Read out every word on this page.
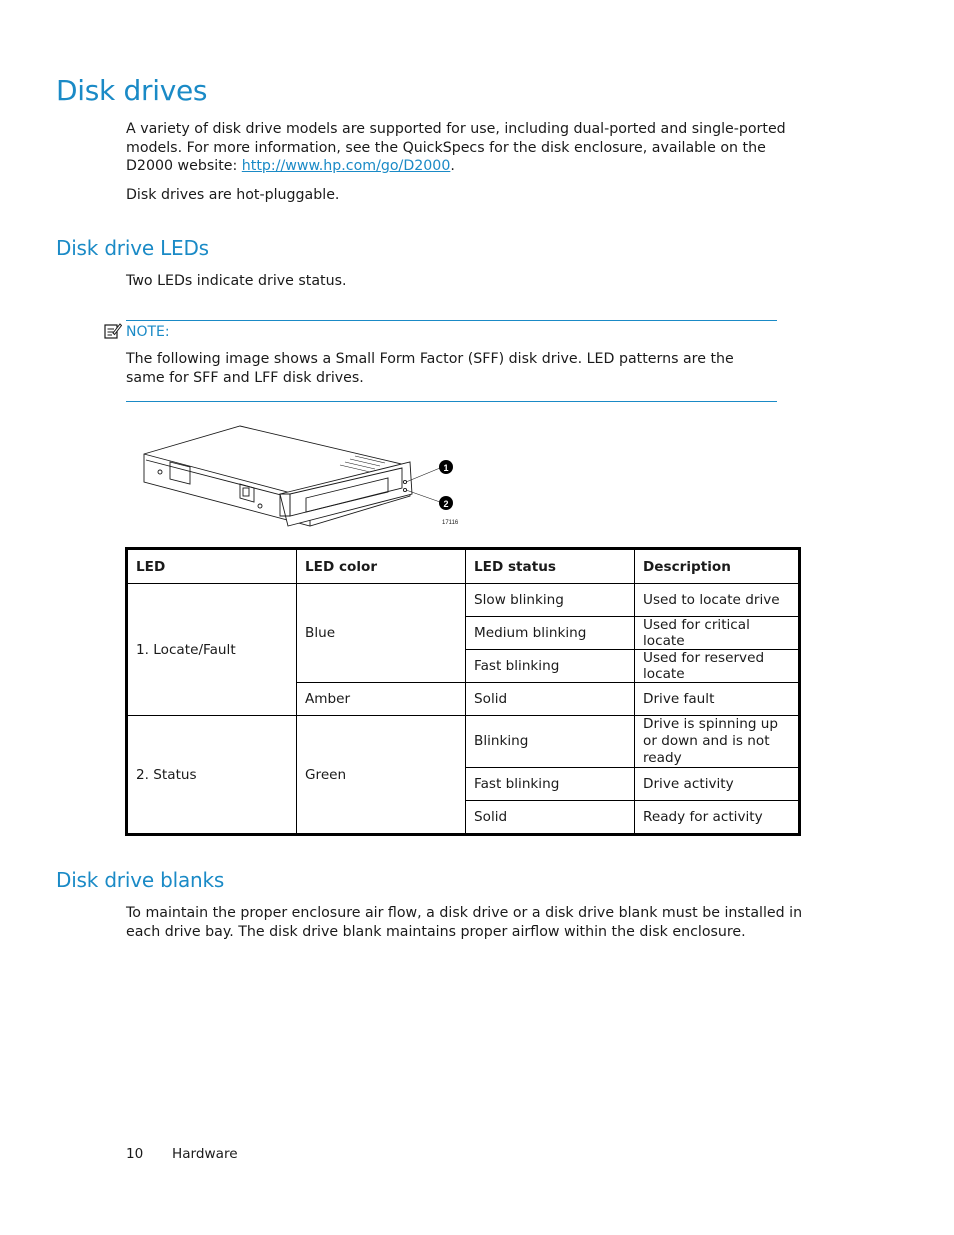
Disk drives

A variety of disk drive models are supported for use, including dual-ported and single-ported models. For more information, see the QuickSpecs for the disk enclosure, available on the D2000 website: http://www.hp.com/go/D2000.

Disk drives are hot-pluggable.

Disk drive LEDs

Two LEDs indicate drive status.

NOTE:

The following image shows a Small Form Factor (SFF) disk drive. LED patterns are the same for SFF and LFF disk drives.

1
2
17116
LED	LED color	LED status	Description
1. Locate/Fault	Blue	Slow blinking	Used to locate drive
		Medium blinking	Used for critical locate
		Fast blinking	Used for reserved locate
	Amber	Solid	Drive fault
2. Status	Green	Blinking	Drive is spinning up or down and is not ready
		Fast blinking	Drive activity
		Solid	Ready for activity
Disk drive blanks

To maintain the proper enclosure air flow, a disk drive or a disk drive blank must be installed in each drive bay. The disk drive blank maintains proper airflow within the disk enclosure.

10 Hardware
